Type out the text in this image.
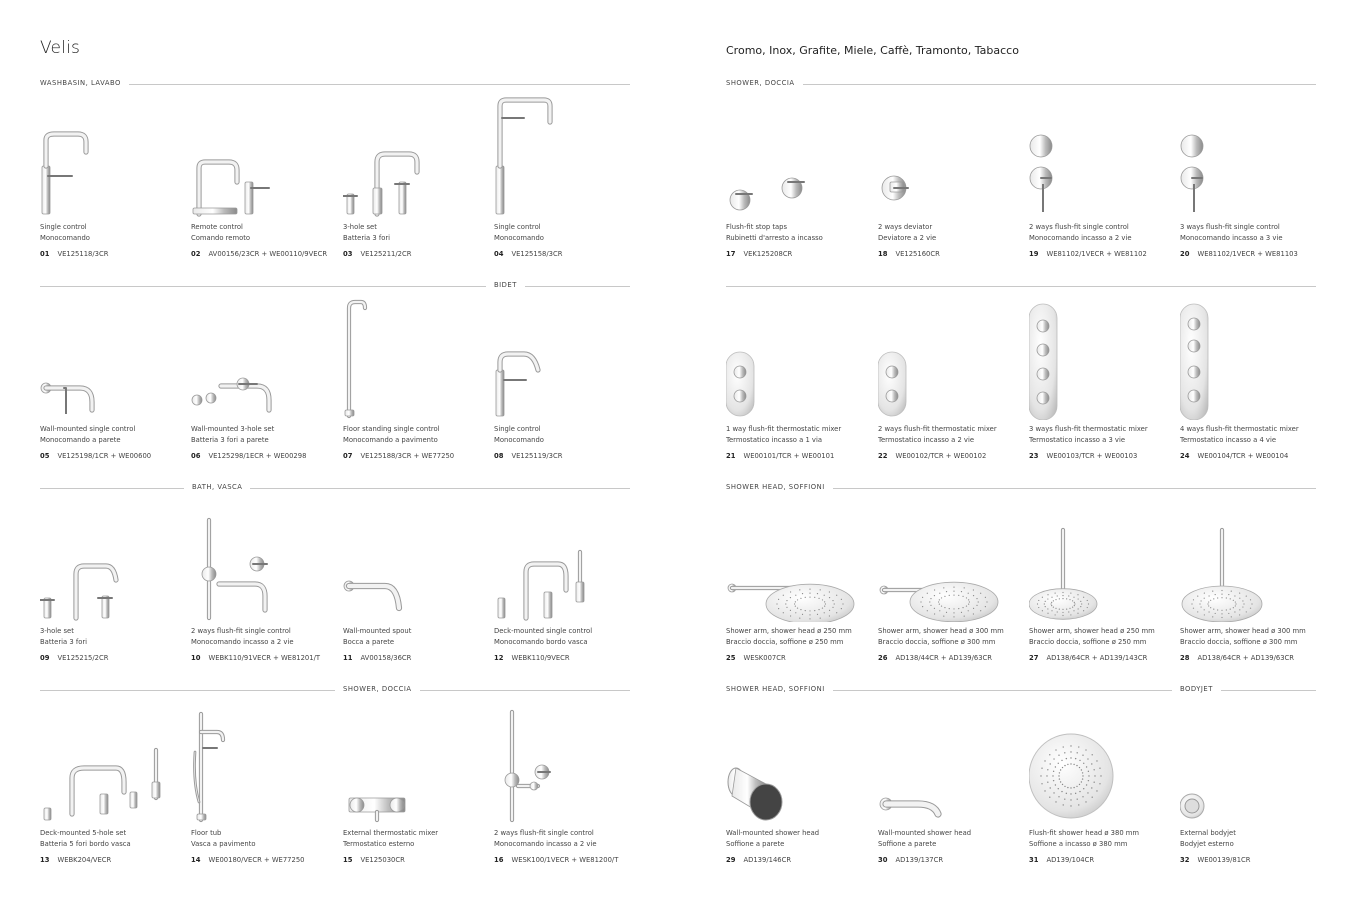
Velis
WASHBASIN, LAVABO
BIDET
BATH, VASCA
SHOWER, DOCCIA
Cromo, Inox, Grafite, Miele, Caffè, Tramonto, Tabacco
SHOWER, DOCCIA
SHOWER HEAD, SOFFIONI
SHOWER HEAD, SOFFIONI	BODYJET
Single control
Monocomando
01 VE125118/3CR
Remote control
Comando remoto
02 AV00156/23CR + WE00110/9VECR
3-hole set
Batteria 3 fori
03 VE125211/2CR
Single control
Monocomando
04 VE125158/3CR
Wall-mounted single control
Monocomando a parete
05 VE125198/1CR + WE00600
Wall-mounted 3-hole set
Batteria 3 fori a parete
06 VE125298/1ECR + WE00298
Floor standing single control
Monocomando a pavimento
07 VE125188/3CR + WE77250
Single control
Monocomando
08 VE125119/3CR
3-hole set
Batteria 3 fori
09 VE125215/2CR
2 ways flush-fit single control
Monocomando incasso a 2 vie
10 WEBK110/91VECR + WE81201/T
Wall-mounted spout
Bocca a parete
11 AV00158/36CR
Deck-mounted single control
Monocomando bordo vasca
12 WEBK110/9VECR
Deck-mounted 5-hole set
Batteria 5 fori bordo vasca
13 WEBK204/VECR
Floor tub
Vasca a pavimento
14 WE00180/VECR + WE77250
External thermostatic mixer
Termostatico esterno
15 VE125030CR
2 ways flush-fit single control
Monocomando incasso a 2 vie
16 WESK100/1VECR + WE81200/T
Flush-fit stop taps
Rubinetti d'arresto a incasso
17 VEK125208CR
2 ways deviator
Deviatore a 2 vie
18 VE125160CR
2 ways flush-fit single control
Monocomando incasso a 2 vie
19 WE81102/1VECR + WE81102
3 ways flush-fit single control
Monocomando incasso a 3 vie
20 WE81102/1VECR + WE81103
1 way flush-fit thermostatic mixer
Termostatico incasso a 1 via
21 WE00101/TCR + WE00101
2 ways flush-fit thermostatic mixer
Termostatico incasso a 2 vie
22 WE00102/TCR + WE00102
3 ways flush-fit thermostatic mixer
Termostatico incasso a 3 vie
23 WE00103/TCR + WE00103
4 ways flush-fit thermostatic mixer
Termostatico incasso a 4 vie
24 WE00104/TCR + WE00104
Shower arm, shower head ø 250 mm
Braccio doccia, soffione ø 250 mm
25 WESK007CR
Shower arm, shower head ø 300 mm
Braccio doccia, soffione ø 300 mm
26 AD138/44CR + AD139/63CR
Shower arm, shower head ø 250 mm
Braccio doccia, soffione ø 250 mm
27 AD138/64CR + AD139/143CR
Shower arm, shower head ø 300 mm
Braccio doccia, soffione ø 300 mm
28 AD138/64CR + AD139/63CR
Wall-mounted shower head
Soffione a parete
29 AD139/146CR
Wall-mounted shower head
Soffione a parete
30 AD139/137CR
Flush-fit shower head ø 380 mm
Soffione a incasso ø 380 mm
31 AD139/104CR
External bodyjet
Bodyjet esterno
32 WE00139/81CR
